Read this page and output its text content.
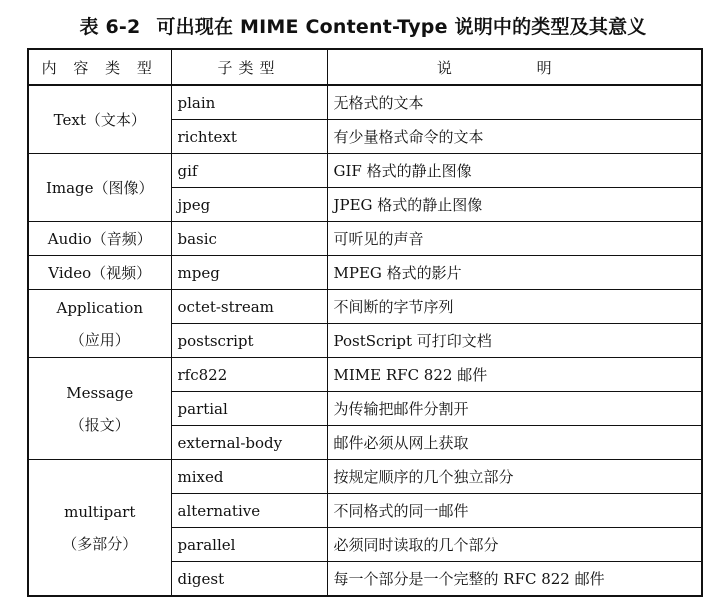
表 6-2 可出现在 MIME Content-Type 说明中的类型及其意义
内 容 类 型	子类型	说 明

Text（文本）	plain	无格式的文本
	richtext	有少量格式命令的文本

Image（图像）	gif	GIF 格式的静止图像
	jpeg	JPEG 格式的静止图像

Audio（音频）	basic	可听见的声音

Video（视频）	mpeg	MPEG 格式的影片

Application
（应用）	octet-stream	不间断的字节序列
	postscript	PostScript 可打印文档

Message
（报文）	rfc822	MIME RFC 822 邮件
	partial	为传输把邮件分割开
	external-body	邮件必须从网上获取

multipart
（多部分）	mixed	按规定顺序的几个独立部分
	alternative	不同格式的同一邮件
	parallel	必须同时读取的几个部分
	digest	每一个部分是一个完整的 RFC 822 邮件
